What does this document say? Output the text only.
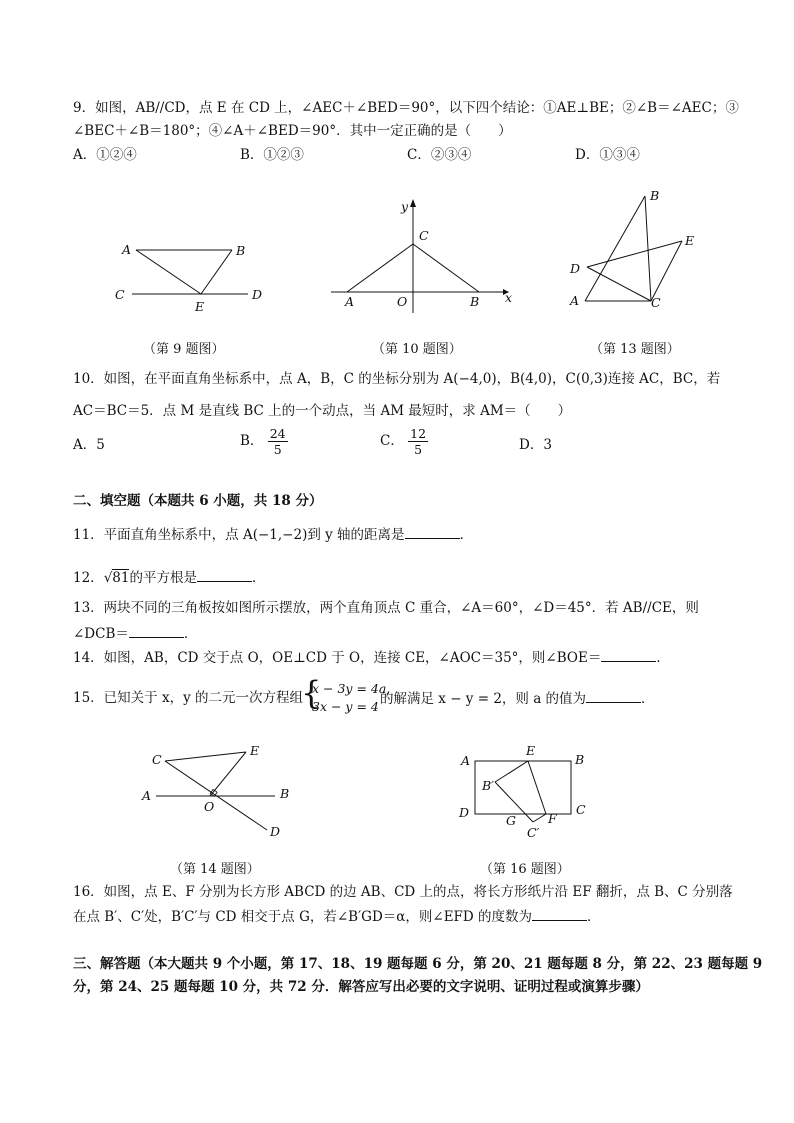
9．如图，AB//CD，点 E 在 CD 上，∠AEC＋∠BED＝90°，以下四个结论：①AE⊥BE；②∠B＝∠AEC；③
∠BEC＋∠B＝180°；④∠A＋∠BED＝90°．其中一定正确的是（　　）
A．①②④	B．①②③	C．②③④	D．①③④
A	B
C
E
D
（第 9 题图）
y
C
A	O	B x
（第 10 题图）
B
E
D
A	C
（第 13 题图）
10．如图，在平面直角坐标系中，点 A，B，C 的坐标分别为 A(−4,0)，B(4,0)，C(0,3)连接 AC，BC，若
AC＝BC＝5．点 M 是直线 BC 上的一个动点，当 AM 最短时，求 AM＝（　　）
A．5	B． $\frac{24}{5}$	C． $\frac{12}{5}$	D．3
二、填空题（本题共 6 小题，共 18 分）
11．平面直角坐标系中，点 A(−1,−2)到 y 轴的距离是	．
12．√81的平方根是	．
13．两块不同的三角板按如图所示摆放，两个直角顶点 C 重合，∠A＝60°，∠D＝45°．若 AB//CE，则
∠DCB＝	．
14．如图，AB，CD 交于点 O，OE⊥CD 于 O，连接 CE，∠AOC＝35°，则∠BOE＝	．
15．已知关于 x，y 的二元一次方程组
{
x − 3y = 4a,
3x − y = 4 的解满足 x − y = 2，则 a 的值为	．
C
E
A
O
B
D
（第 14 题图）
A
E
B
B′
D
G
C′
F
C
（第 16 题图）
16．如图，点 E、F 分别为长方形 ABCD 的边 AB、CD 上的点，将长方形纸片沿 EF 翻折，点 B、C 分别落
在点 B′、C′处，B′C′与 CD 相交于点 G，若∠B′GD＝α，则∠EFD 的度数为	．
三、解答题（本大题共 9 个小题，第 17、18、19 题每题 6 分，第 20、21 题每题 8 分，第 22、23 题每题 9
分，第 24、25 题每题 10 分，共 72 分．解答应写出必要的文字说明、证明过程或演算步骤）
